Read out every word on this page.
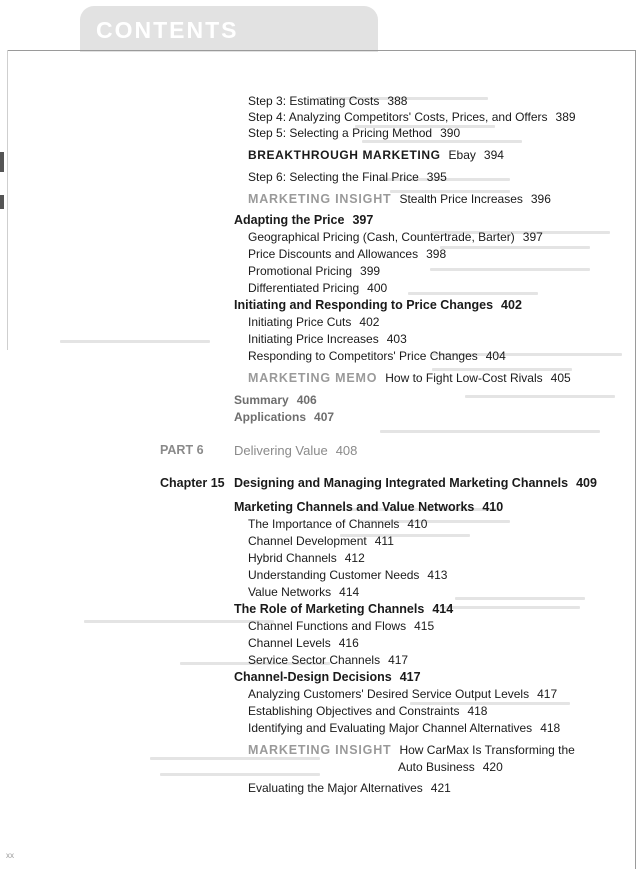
CONTENTS
Step 3: Estimating Costs 388
Step 4: Analyzing Competitors' Costs, Prices, and Offers 389
Step 5: Selecting a Pricing Method 390
BREAKTHROUGH MARKETING Ebay 394
Step 6: Selecting the Final Price 395
MARKETING INSIGHT Stealth Price Increases 396
Adapting the Price 397
Geographical Pricing (Cash, Countertrade, Barter) 397
Price Discounts and Allowances 398
Promotional Pricing 399
Differentiated Pricing 400
Initiating and Responding to Price Changes 402
Initiating Price Cuts 402
Initiating Price Increases 403
Responding to Competitors' Price Changes 404
MARKETING MEMO How to Fight Low-Cost Rivals 405
Summary 406
Applications 407
PART 6 Delivering Value 408
Chapter 15 Designing and Managing Integrated Marketing Channels 409
Marketing Channels and Value Networks 410
The Importance of Channels 410
Channel Development 411
Hybrid Channels 412
Understanding Customer Needs 413
Value Networks 414
The Role of Marketing Channels 414
Channel Functions and Flows 415
Channel Levels 416
Service Sector Channels 417
Channel-Design Decisions 417
Analyzing Customers' Desired Service Output Levels 417
Establishing Objectives and Constraints 418
Identifying and Evaluating Major Channel Alternatives 418
MARKETING INSIGHT How CarMax Is Transforming the
Auto Business 420
Evaluating the Major Alternatives 421
xx
